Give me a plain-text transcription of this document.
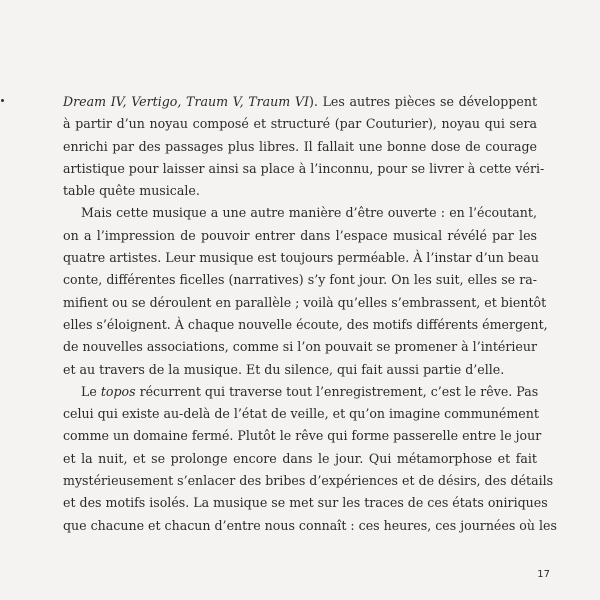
Dream IV, Vertigo, Traum V, Traum VI). Les autres pièces se développent
à partir d’un noyau composé et structuré (par Couturier), noyau qui sera
enrichi par des passages plus libres. Il fallait une bonne dose de courage
artistique pour laisser ainsi sa place à l’inconnu, pour se livrer à cette véri-
table quête musicale.

Mais cette musique a une autre manière d’être ouverte : en l’écoutant,
on a l’impression de pouvoir entrer dans l’espace musical révélé par les
quatre artistes. Leur musique est toujours perméable. À l’instar d’un beau
conte, différentes ficelles (narratives) s’y font jour. On les suit, elles se ra-
mifient ou se déroulent en parallèle ; voilà qu’elles s’embrassent, et bientôt
elles s’éloignent. À chaque nouvelle écoute, des motifs différents émergent,
de nouvelles associations, comme si l’on pouvait se promener à l’intérieur
et au travers de la musique. Et du silence, qui fait aussi partie d’elle.

Le topos récurrent qui traverse tout l’enregistrement, c’est le rêve. Pas
celui qui existe au-delà de l’état de veille, et qu’on imagine communément
comme un domaine fermé. Plutôt le rêve qui forme passerelle entre le jour
et la nuit, et se prolonge encore dans le jour. Qui métamorphose et fait
mystérieusement s’enlacer des bribes d’expériences et de désirs, des détails
et des motifs isolés. La musique se met sur les traces de ces états oniriques
que chacune et chacun d’entre nous connaît : ces heures, ces journées où les

17
